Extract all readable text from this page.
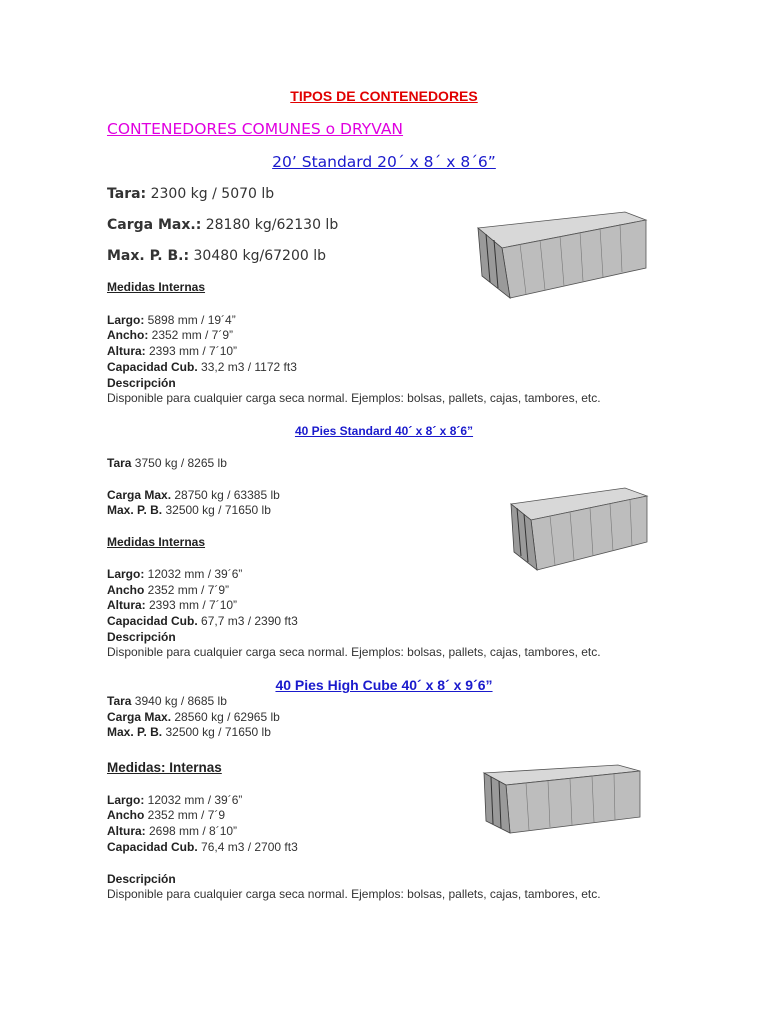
TIPOS DE CONTENEDORES
CONTENEDORES COMUNES o DRYVAN
20’ Standard 20´ x 8´ x 8´6”
Tara: 2300 kg / 5070 lb
Carga Max.: 28180 kg/62130 lb
Max. P. B.: 30480 kg/67200 lb
Medidas Internas
Largo: 5898 mm / 19´4”
Ancho: 2352 mm / 7´9”
Altura: 2393 mm / 7´10”
Capacidad Cub. 33,2 m3 / 1172 ft3
Descripción
Disponible para cualquier carga seca normal. Ejemplos: bolsas, pallets, cajas, tambores, etc.
40 Pies Standard 40´ x 8´ x 8´6”
Tara 3750 kg / 8265 lb
Carga Max. 28750 kg / 63385 lb
Max. P. B. 32500 kg / 71650 lb
Medidas Internas
Largo: 12032 mm / 39´6”
Ancho 2352 mm / 7´9”
Altura: 2393 mm / 7´10”
Capacidad Cub. 67,7 m3 / 2390 ft3
Descripción
Disponible para cualquier carga seca normal. Ejemplos: bolsas, pallets, cajas, tambores, etc.
40 Pies High Cube 40´ x 8´ x 9´6”
Tara 3940 kg / 8685 lb
Carga Max. 28560 kg / 62965 lb
Max. P. B. 32500 kg / 71650 lb
Medidas: Internas
Largo: 12032 mm / 39´6”
Ancho 2352 mm / 7´9
Altura: 2698 mm / 8´10”
Capacidad Cub. 76,4 m3 / 2700 ft3
Descripción
Disponible para cualquier carga seca normal. Ejemplos: bolsas, pallets, cajas, tambores, etc.
